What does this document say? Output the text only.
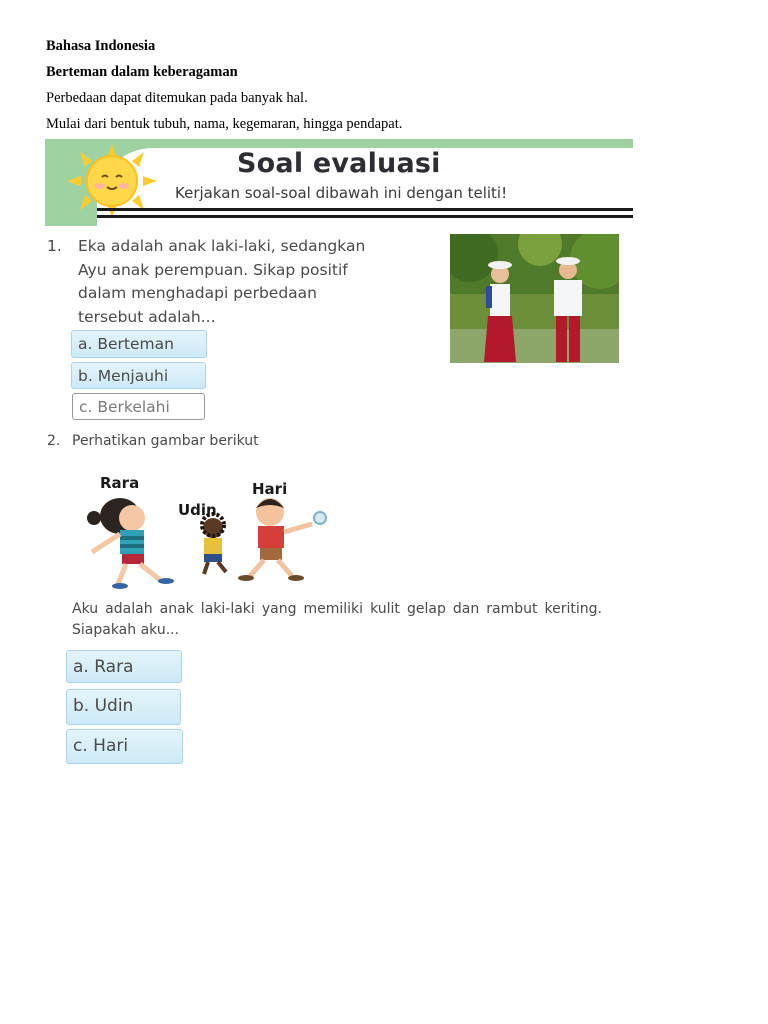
Bahasa Indonesia
Berteman dalam keberagaman
Perbedaan dapat ditemukan pada banyak hal.
Mulai dari bentuk tubuh, nama, kegemaran, hingga pendapat.
Soal evaluasi
Kerjakan soal-soal dibawah ini dengan teliti!
1. Eka adalah anak laki-laki, sedangkan
Ayu anak perempuan. Sikap positif
dalam menghadapi perbedaan
tersebut adalah...
a. Berteman
b. Menjauhi
c. Berkelahi
2. Perhatikan gambar berikut
Rara
Udin
Hari
Aku adalah anak laki-laki yang memiliki kulit gelap dan rambut keriting. Siapakah aku...
a. Rara
b. Udin
c. Hari
